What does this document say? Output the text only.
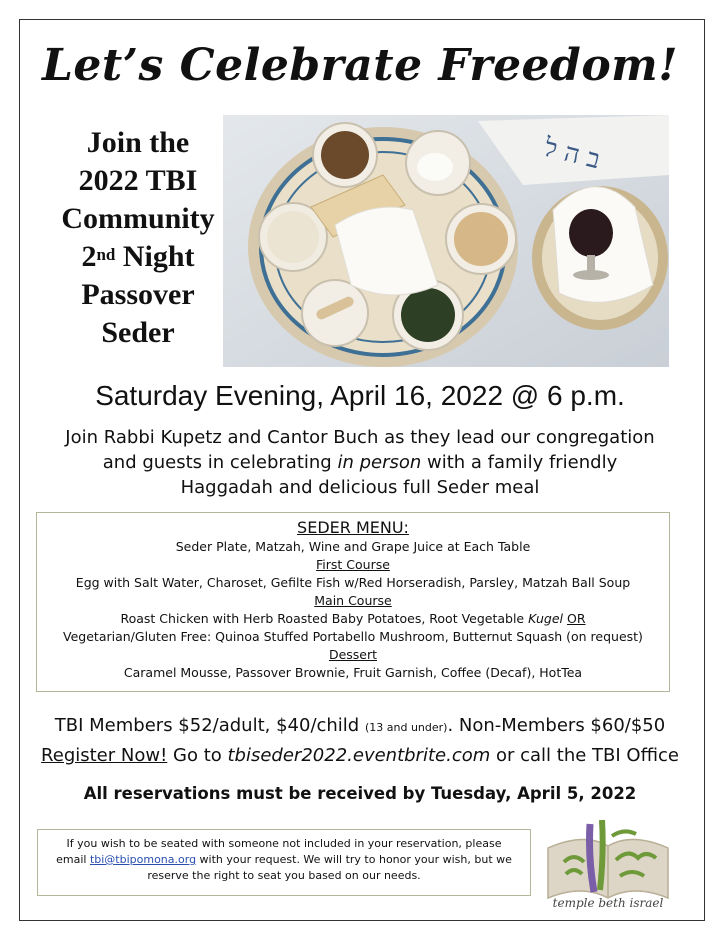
Let’s Celebrate Freedom!
Join the
2022 TBI
Community
2nd Night
Passover
Seder
ב ה ל
Saturday Evening, April 16, 2022 @ 6 p.m.
Join Rabbi Kupetz and Cantor Buch as they lead our congregation
and guests in celebrating in person with a family friendly
Haggadah and delicious full Seder meal
SEDER MENU:
Seder Plate, Matzah, Wine and Grape Juice at Each Table
First Course
Egg with Salt Water, Charoset, Gefilte Fish w/Red Horseradish, Parsley, Matzah Ball Soup
Main Course
Roast Chicken with Herb Roasted Baby Potatoes, Root Vegetable Kugel OR
Vegetarian/Gluten Free: Quinoa Stuffed Portabello Mushroom, Butternut Squash (on request)
Dessert
Caramel Mousse, Passover Brownie, Fruit Garnish, Coffee (Decaf), HotTea
TBI Members $52/adult, $40/child (13 and under). Non-Members $60/$50
Register Now! Go to tbiseder2022.eventbrite.com or call the TBI Office
All reservations must be received by Tuesday, April 5, 2022
If you wish to be seated with someone not included in your reservation, please
email tbi@tbipomona.org with your request. We will try to honor your wish, but we
reserve the right to seat you based on our needs.
temple beth israel
